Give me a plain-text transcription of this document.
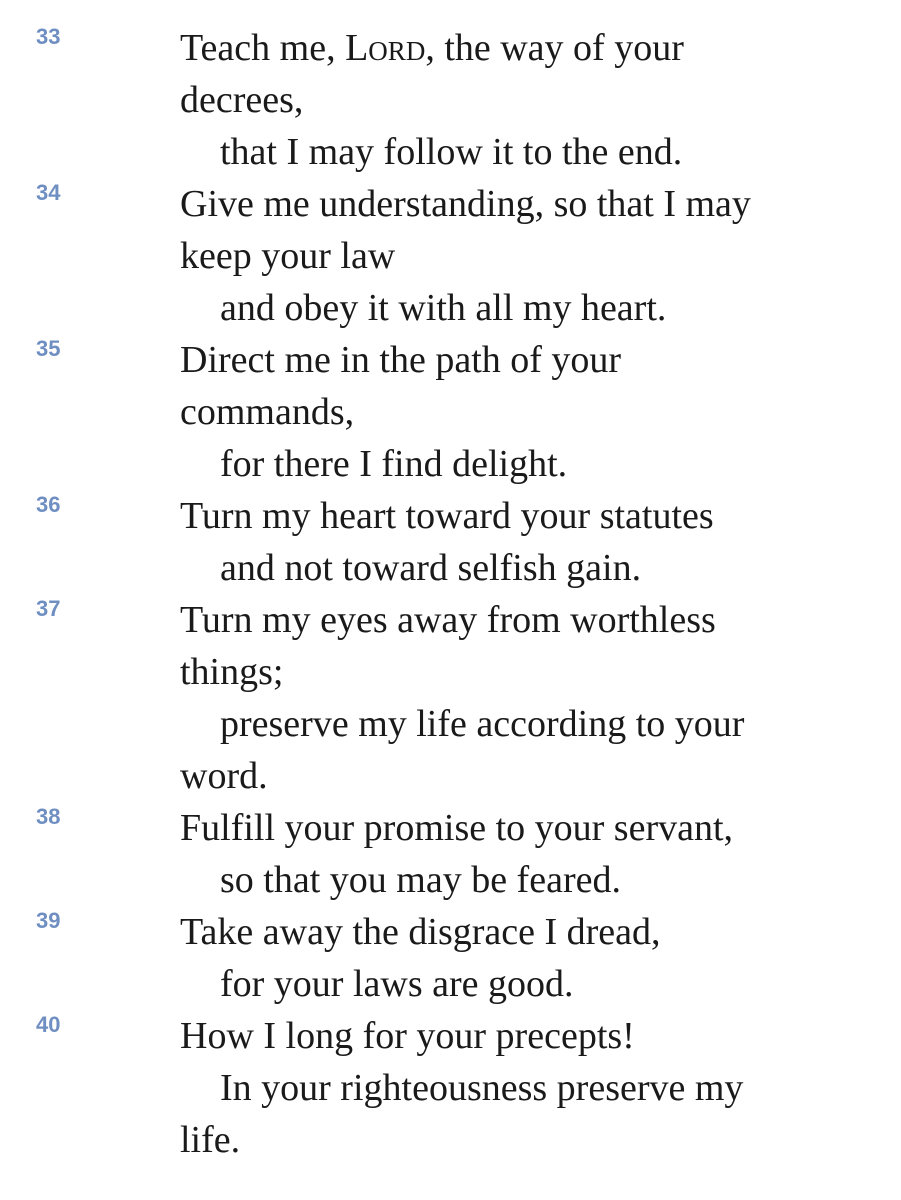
33	Teach me, Lord, the way of your
decrees,
that I may follow it to the end.
34	Give me understanding, so that I may
keep your law
and obey it with all my heart.
35	Direct me in the path of your
commands,
for there I find delight.
36	Turn my heart toward your statutes
and not toward selfish gain.
37	Turn my eyes away from worthless
things;
preserve my life according to your
word.
38	Fulfill your promise to your servant,
so that you may be feared.
39	Take away the disgrace I dread,
for your laws are good.
40	How I long for your precepts!
In your righteousness preserve my
life.
